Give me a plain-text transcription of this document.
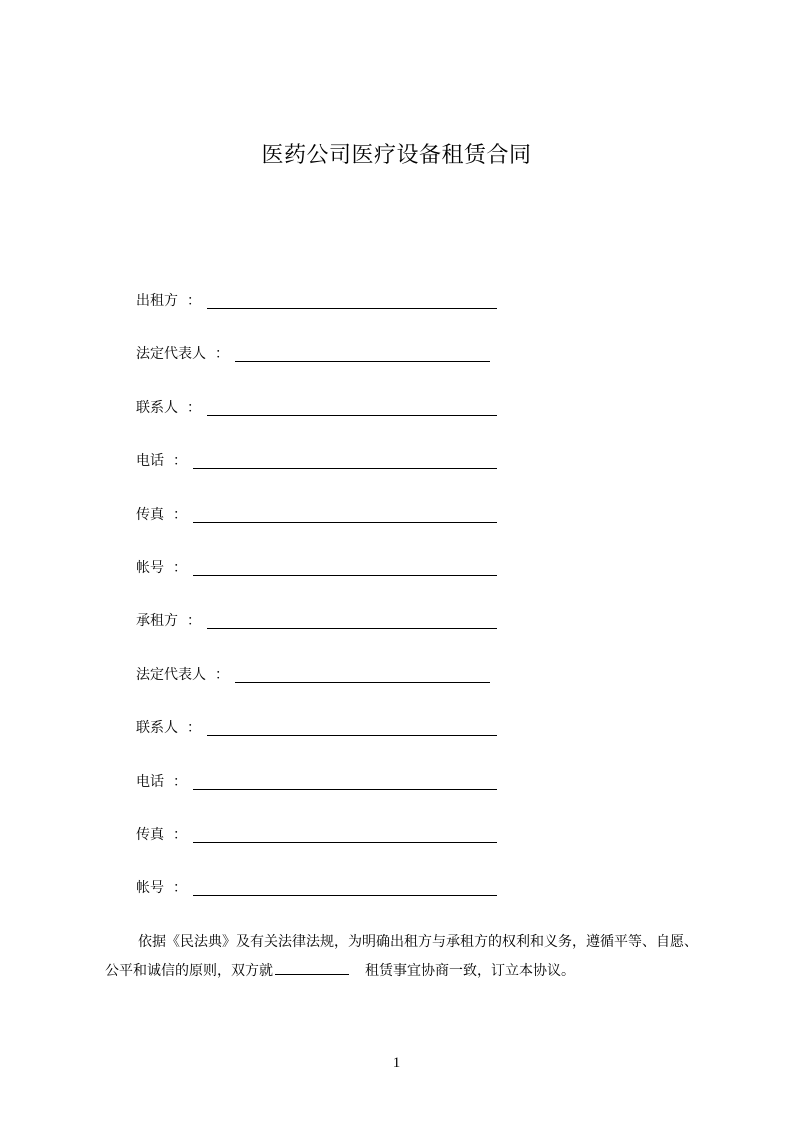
医药公司医疗设备租赁合同
出租方 ：
法定代表人 ：
联系人 ：
电话 ：
传真 ：
帐号 ：
承租方 ：
法定代表人 ：
联系人 ：
电话 ：
传真 ：
帐号 ：
依据《民法典》及有关法律法规，为明确出租方与承租方的权利和义务，遵循平等、自愿、公平和诚信的原则，双方就	租赁事宜协商一致，订立本协议。
1
